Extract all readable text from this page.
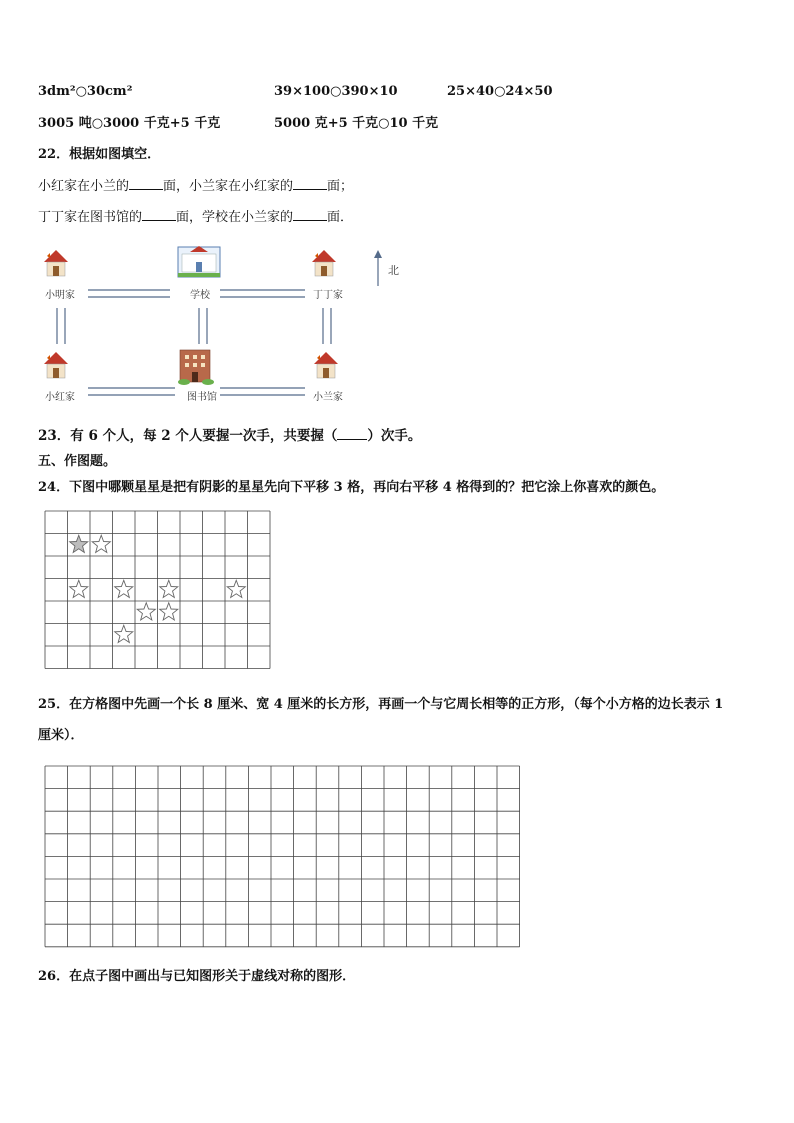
3dm²○30cm²	39×100○390×10	25×40○24×50
3005 吨○3000 千克+5 千克	5000 克+5 千克○10 千克
22．根据如图填空．
小红家在小兰的	面，小兰家在小红家的	面；
丁丁家在图书馆的	面，学校在小兰家的	面．
小明家	学校	丁丁家
小红家	图书馆	小兰家
北
23．有 6 个人，每 2 个人要握一次手，共要握（ ）次手。
五、作图题。
24．下图中哪颗星星是把有阴影的星星先向下平移 3 格，再向右平移 4 格得到的？把它涂上你喜欢的颜色。
25．在方格图中先画一个长 8 厘米、宽 4 厘米的长方形，再画一个与它周长相等的正方形，（每个小方格的边长表示 1
厘米）．
26．在点子图中画出与已知图形关于虚线对称的图形．
